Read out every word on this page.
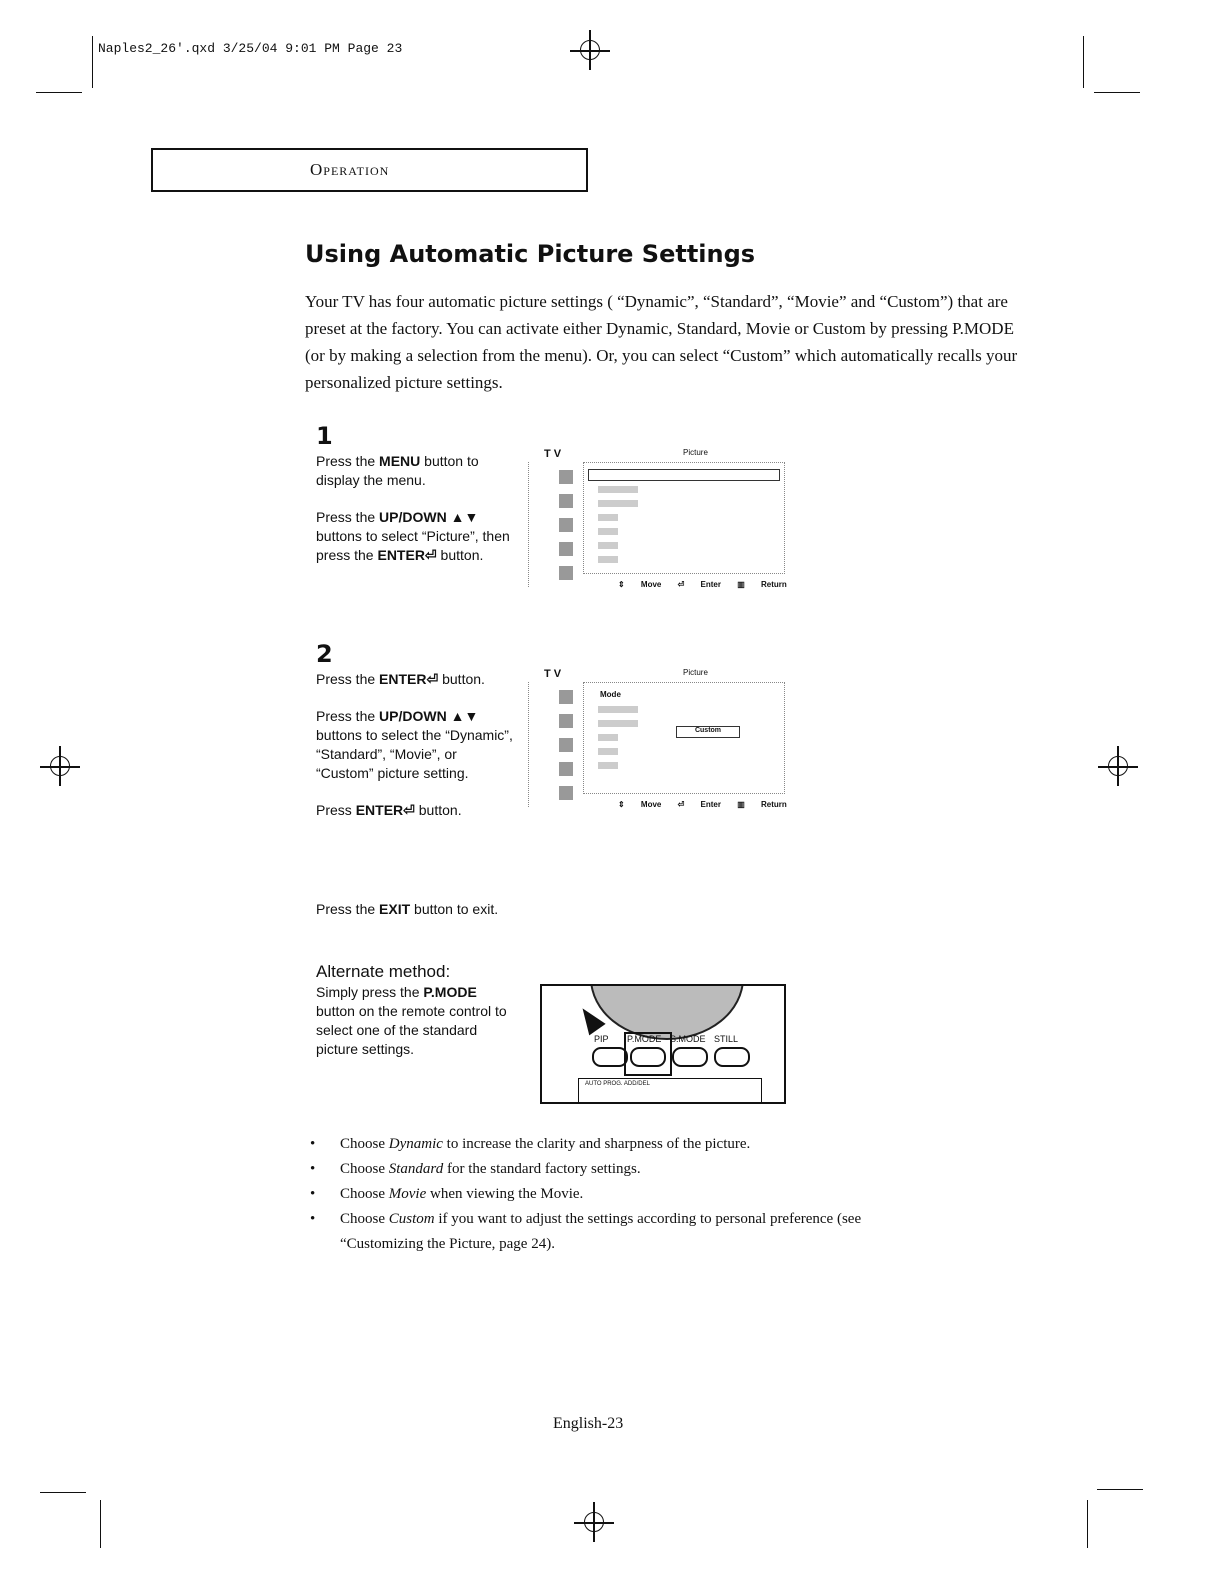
Naples2_26'.qxd 3/25/04 9:01 PM Page 23
Operation
Using Automatic Picture Settings
Your TV has four automatic picture settings ( “Dynamic”, “Standard”, “Movie” and “Custom”) that are preset at the factory. You can activate either Dynamic, Standard, Movie or Custom by pressing P.MODE (or by making a selection from the menu). Or, you can select “Custom” which automatically recalls your personalized picture settings.
1
Press the MENU button to display the menu.
Press the UP/DOWN ▲▼ buttons to select “Picture”, then press the ENTER⏎ button.
T V	Picture
⇕ Move ⏎ Enter ▥ Return
2
Press the ENTER⏎ button.
Press the UP/DOWN ▲▼ buttons to select the “Dynamic”, “Standard”, “Movie”, or “Custom” picture setting.
Press ENTER⏎ button.
T V	Picture
Mode
Custom
⇕ Move ⏎ Enter ▥ Return
Press the EXIT button to exit.
Alternate method:
Simply press the P.MODE button on the remote control to select one of the standard picture settings.
PIP P.MODE S.MODE STILL
AUTO PROG. ADD/DEL
• Choose Dynamic to increase the clarity and sharpness of the picture.
• Choose Standard for the standard factory settings.
• Choose Movie when viewing the Movie.
• Choose Custom if you want to adjust the settings according to personal preference (see “Customizing the Picture, page 24).
English-23
